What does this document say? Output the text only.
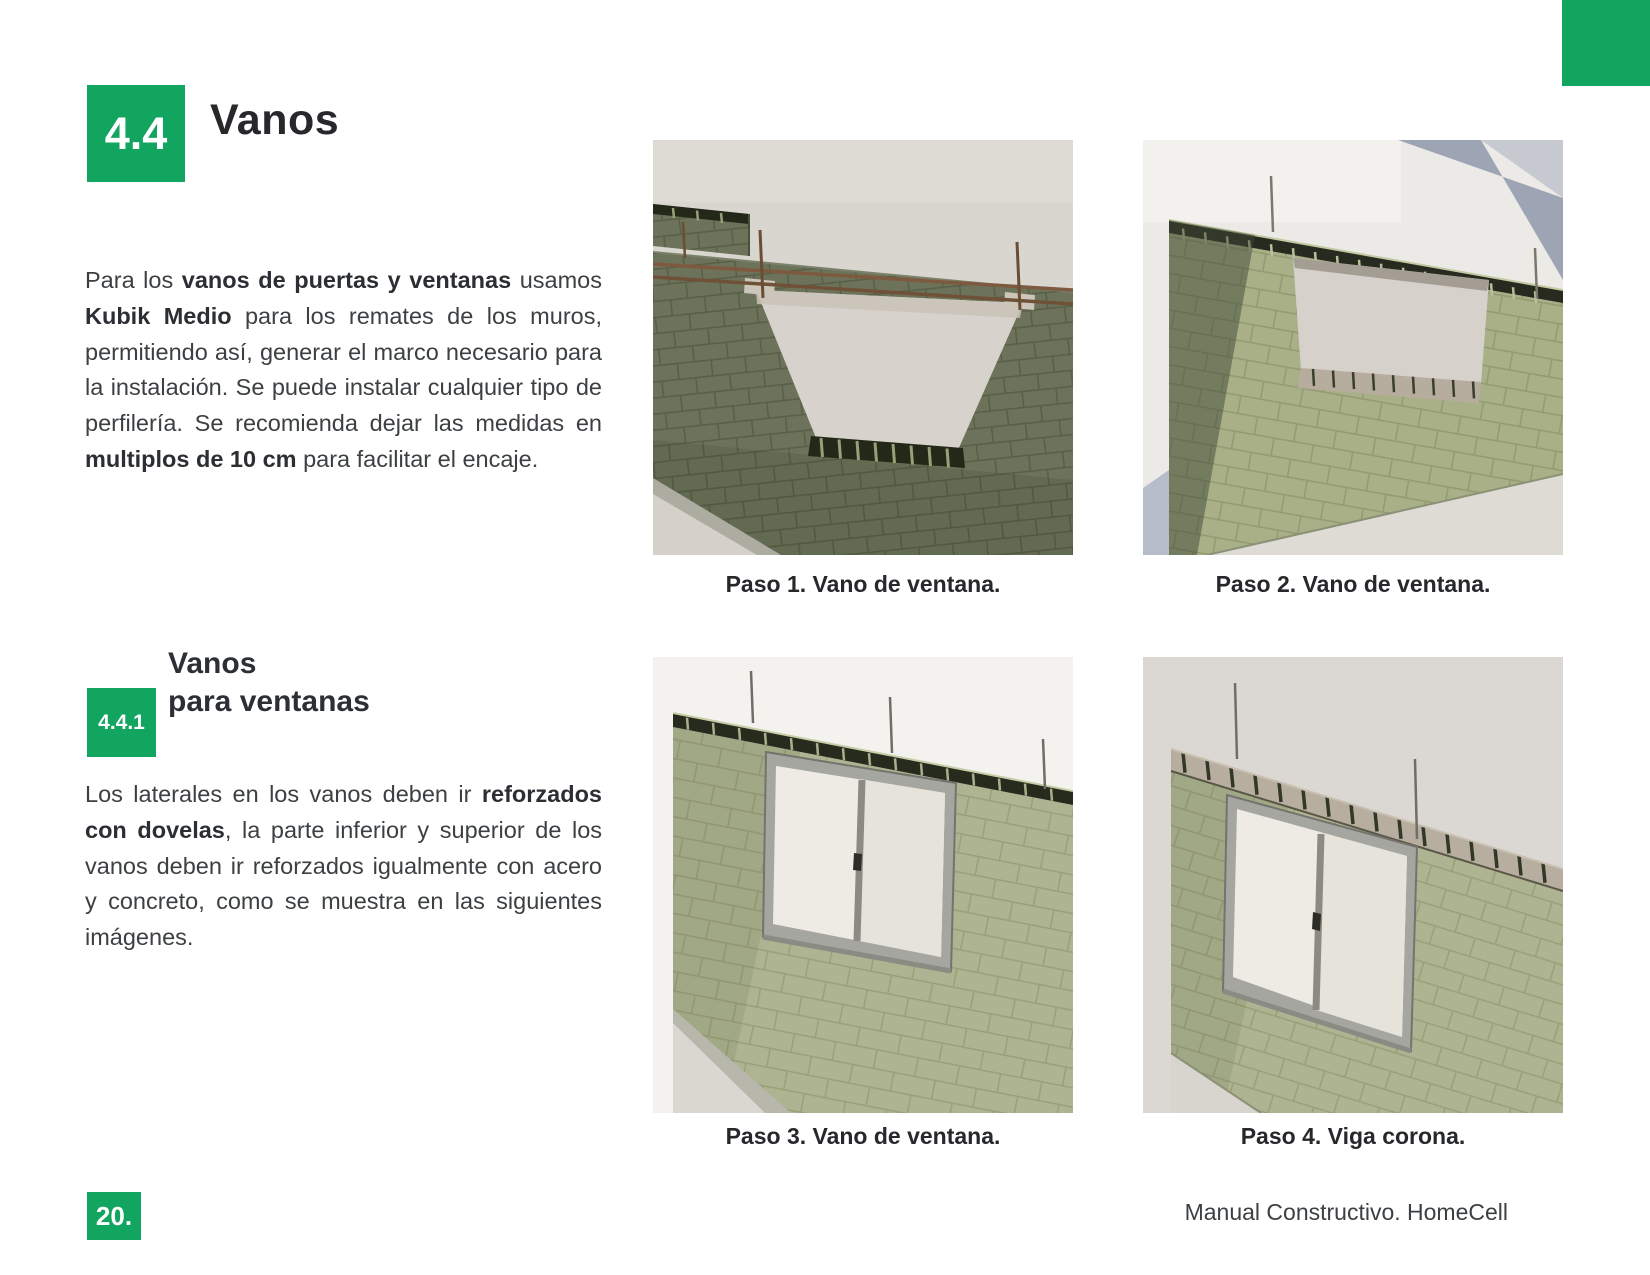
4.4 Vanos

Para los vanos de puertas y ventanas usamos Kubik Medio para los remates de los muros, permitiendo así, generar el marco necesario para la instalación. Se puede instalar cualquier tipo de perfilería. Se recomienda dejar las medidas en multiplos de 10 cm para facilitar el encaje.

4.4.1
Vanos
para ventanas

Los laterales en los vanos deben ir reforzados con dovelas, la parte inferior y superior de los vanos deben ir reforzados igualmente con acero y concreto, como se muestra en las siguientes imágenes.

Paso 1. Vano de ventana.	Paso 2. Vano de ventana.
Paso 3. Vano de ventana.	Paso 4. Viga corona.
20.	Manual Constructivo. HomeCell
